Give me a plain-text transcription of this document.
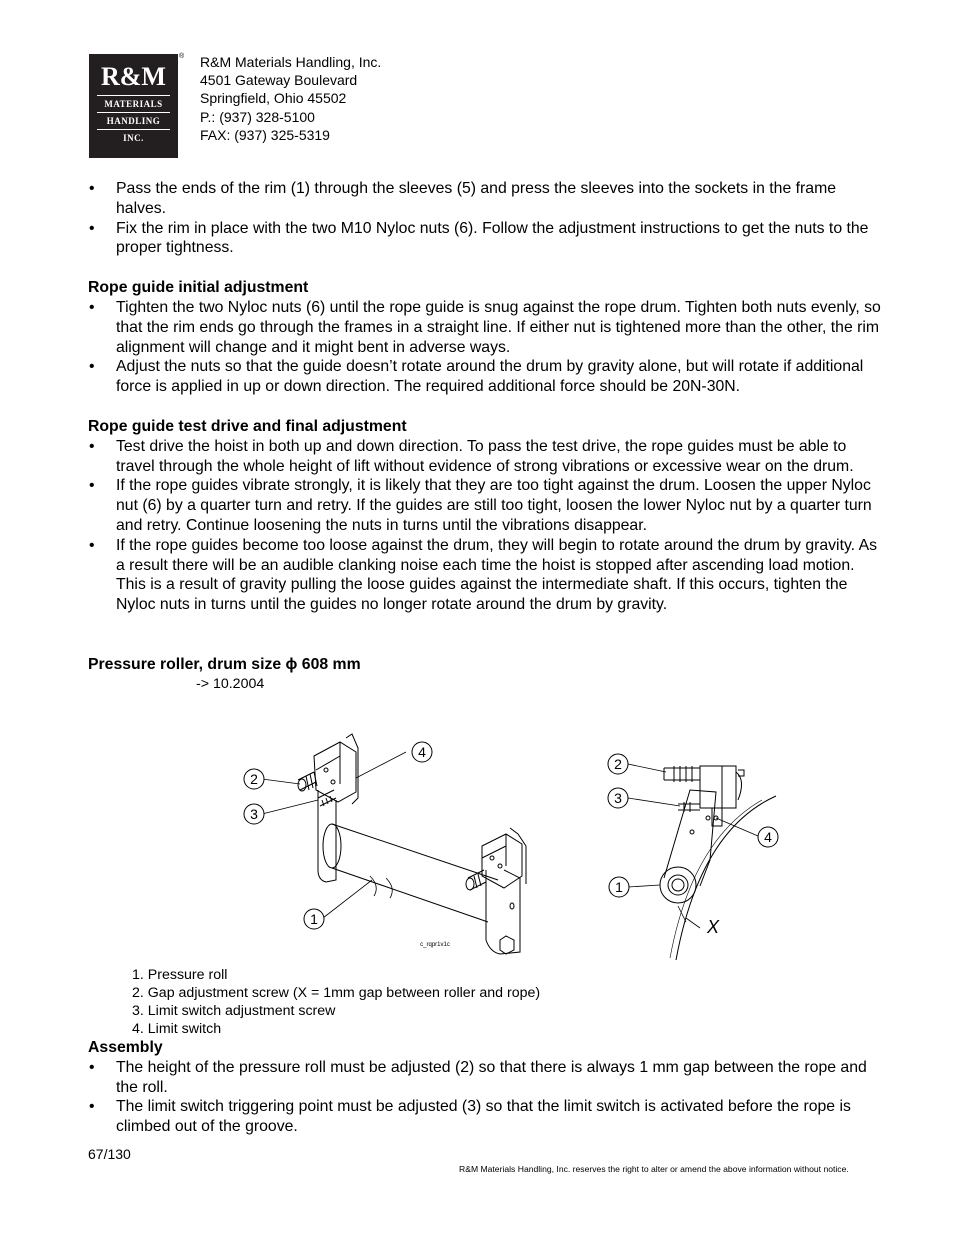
R&M
MATERIALS
HANDLING
INC.
® R&M Materials Handling, Inc.
4501 Gateway Boulevard
Springfield, Ohio 45502
P.: (937) 328-5100
FAX: (937) 325-5319
• Pass the ends of the rim (1) through the sleeves (5) and press the sleeves into the sockets in the frame halves.
• Fix the rim in place with the two M10 Nyloc nuts (6). Follow the adjustment instructions to get the nuts to the proper tightness.
Rope guide initial adjustment
• Tighten the two Nyloc nuts (6) until the rope guide is snug against the rope drum. Tighten both nuts evenly, so that the rim ends go through the frames in a straight line. If either nut is tightened more than the other, the rim alignment will change and it might bent in adverse ways.
• Adjust the nuts so that the guide doesn’t rotate around the drum by gravity alone, but will rotate if additional force is applied in up or down direction. The required additional force should be 20N-30N.
Rope guide test drive and final adjustment
• Test drive the hoist in both up and down direction. To pass the test drive, the rope guides must be able to travel through the whole height of lift without evidence of strong vibrations or excessive wear on the drum.
• If the rope guides vibrate strongly, it is likely that they are too tight against the drum. Loosen the upper Nyloc nut (6) by a quarter turn and retry. If the guides are still too tight, loosen the lower Nyloc nut by a quarter turn and retry. Continue loosening the nuts in turns until the vibrations disappear.
• If the rope guides become too loose against the drum, they will begin to rotate around the drum by gravity. As a result there will be an audible clanking noise each time the hoist is stopped after ascending load motion. This is a result of gravity pulling the loose guides against the intermediate shaft. If this occurs, tighten the Nyloc nuts in turns until the guides no longer rotate around the drum by gravity.
Pressure roller, drum size ϕ 608 mm
-> 10.2004
2
3
1
4
c_rqpr1v1c
2
3
4
1
X
1. Pressure roll
2. Gap adjustment screw (X = 1mm gap between roller and rope)
3. Limit switch adjustment screw
4. Limit switch
Assembly
• The height of the pressure roll must be adjusted (2) so that there is always 1 mm gap between the rope and the roll.
• The limit switch triggering point must be adjusted (3) so that the limit switch is activated before the rope is climbed out of the groove.
67/130
R&M Materials Handling, Inc. reserves the right to alter or amend the above information without notice.
